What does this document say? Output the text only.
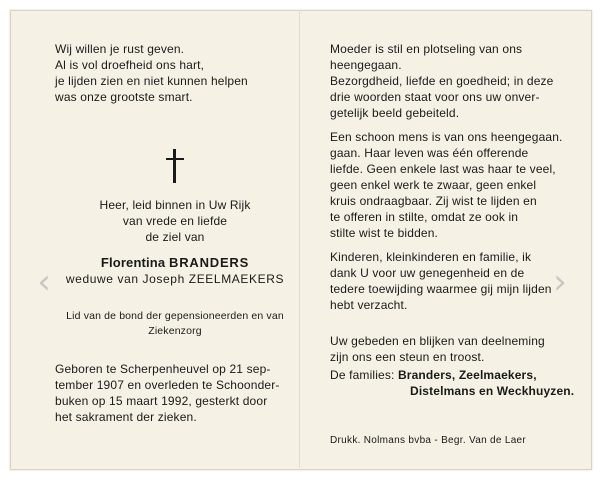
Wij willen je rust geven.
Al is vol droefheid ons hart,
je lijden zien en niet kunnen helpen
was onze grootste smart.
Heer, leid binnen in Uw Rijk
van vrede en liefde
de ziel van
Florentina BRANDERS
weduwe van Joseph ZEELMAEKERS
Lid van de bond der gepensioneerden en van
Ziekenzorg
Geboren te Scherpenheuvel op 21 sep-
tember 1907 en overleden te Schoonder-
buken op 15 maart 1992, gesterkt door
het sakrament der zieken.
Moeder is stil en plotseling van ons
heengegaan.
Bezorgdheid, liefde en goedheid; in deze
drie woorden staat voor ons uw onver-
getelijk beeld gebeiteld.
Een schoon mens is van ons heengegaan.
gaan. Haar leven was één offerende
liefde. Geen enkele last was haar te veel,
geen enkel werk te zwaar, geen enkel
kruis ondraagbaar. Zij wist te lijden en
te offeren in stilte, omdat ze ook in
stilte wist te bidden.
Kinderen, kleinkinderen en familie, ik
dank U voor uw genegenheid en de
tedere toewijding waarmee gij mijn lijden
hebt verzacht.
Uw gebeden en blijken van deelneming
zijn ons een steun en troost.
De families: Branders, Zeelmaekers,
Distelmans en Weckhuyzen.
Drukk. Nolmans bvba - Begr. Van de Laer
‹	›
